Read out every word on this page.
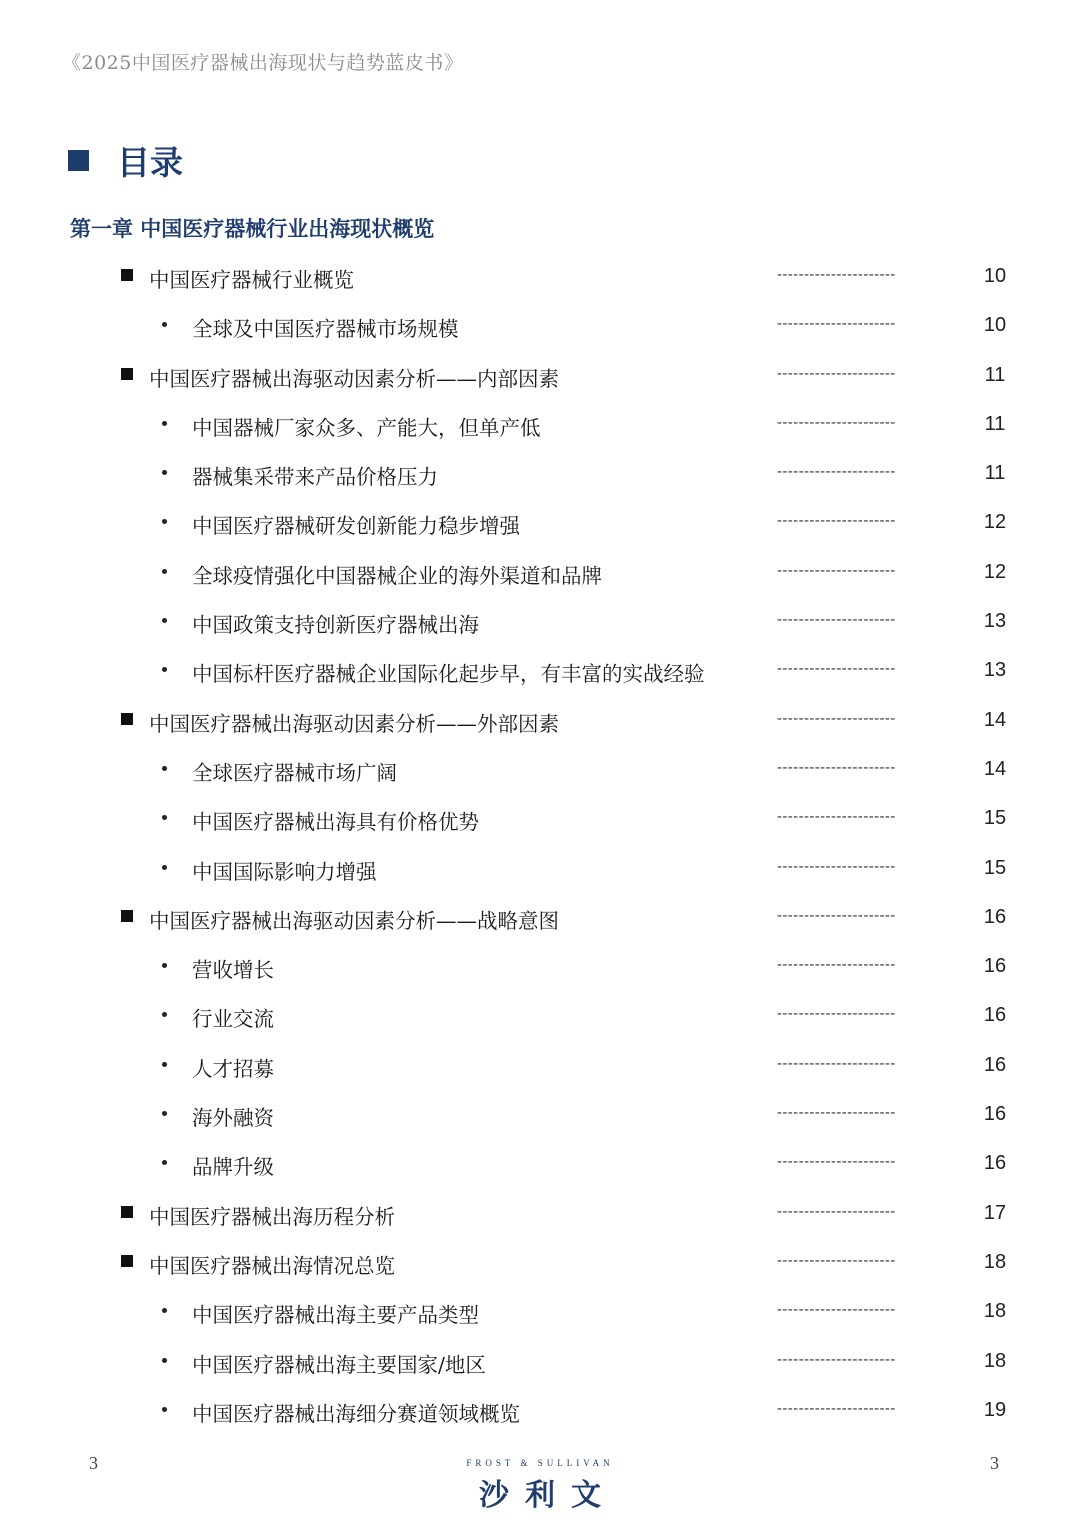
《2025中国医疗器械出海现状与趋势蓝皮书》
目录
第一章 中国医疗器械行业出海现状概览
中国医疗器械行业概览	----------------------	10
全球及中国医疗器械市场规模	----------------------	10
中国医疗器械出海驱动因素分析——内部因素	----------------------	11
中国器械厂家众多、产能大，但单产低	----------------------	11
器械集采带来产品价格压力	----------------------	11
中国医疗器械研发创新能力稳步增强	----------------------	12
全球疫情强化中国器械企业的海外渠道和品牌	----------------------	12
中国政策支持创新医疗器械出海	----------------------	13
中国标杆医疗器械企业国际化起步早，有丰富的实战经验	----------------------	13
中国医疗器械出海驱动因素分析——外部因素	----------------------	14
全球医疗器械市场广阔	----------------------	14
中国医疗器械出海具有价格优势	----------------------	15
中国国际影响力增强	----------------------	15
中国医疗器械出海驱动因素分析——战略意图	----------------------	16
营收增长	----------------------	16
行业交流	----------------------	16
人才招募	----------------------	16
海外融资	----------------------	16
品牌升级	----------------------	16
中国医疗器械出海历程分析	----------------------	17
中国医疗器械出海情况总览	----------------------	18
中国医疗器械出海主要产品类型	----------------------	18
中国医疗器械出海主要国家/地区	----------------------	18
中国医疗器械出海细分赛道领域概览	----------------------	19
3	3
FROST & SULLIVAN
沙利文
